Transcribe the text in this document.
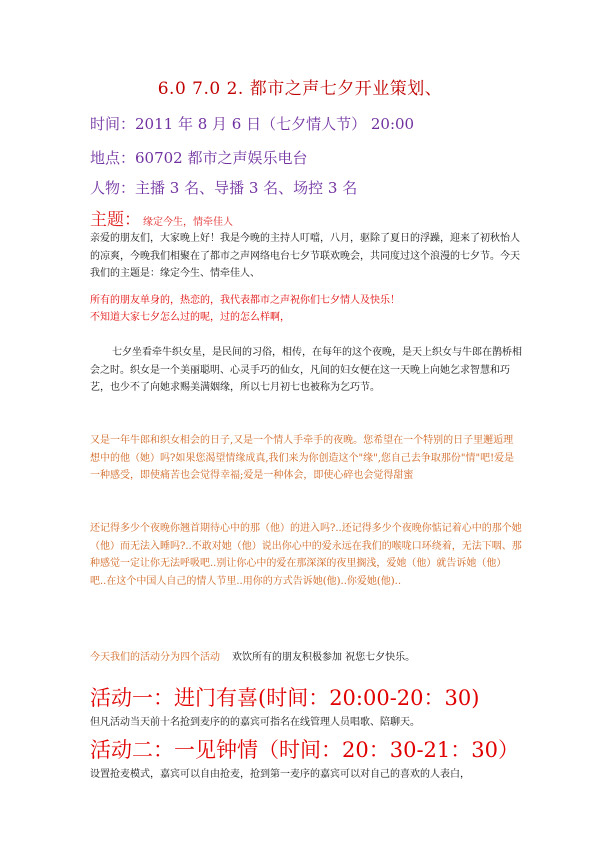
6.0 7.0 2. 都市之声七夕开业策划、
时间：2011 年 8 月 6 日（七夕情人节） 20:00
地点：60702 都市之声娱乐电台
人物：主播 3 名、导播 3 名、场控 3 名
主题： 缘定今生，情牵佳人
亲爱的朋友们，大家晚上好！我是今晚的主持人叮噹，八月，驱除了夏日的浮躁，迎来了初秋怡人的凉爽，今晚我们相聚在了都市之声网络电台七夕节联欢晚会，共同度过这个浪漫的七夕节。今天我们的主题是：缘定今生、情牵佳人、
所有的朋友单身的，热恋的，我代表都市之声祝你们七夕情人及快乐！
不知道大家七夕怎么过的呢，过的怎么样啊，
七夕坐看牵牛织女星，是民间的习俗，相传，在每年的这个夜晚，是天上织女与牛郎在鹊桥相会之时。织女是一个美丽聪明、心灵手巧的仙女，凡间的妇女便在这一天晚上向她乞求智慧和巧艺，也少不了向她求赐美满姻缘，所以七月初七也被称为乞巧节。
又是一年牛郎和织女相会的日子,又是一个情人手牵手的夜晚。您希望在一个特别的日子里邂逅理想中的他（她）吗?如果您渴望情缘成真,我们来为你创造这个"缘",您自己去争取那份"情"吧!爱是一种感受，即使痛苦也会觉得幸福;爱是一种体会，即使心碎也会觉得甜蜜
还记得多少个夜晚你翘首期待心中的那（他）的进入吗?..还记得多少个夜晚你惦记着心中的那个她（他）而无法入睡吗?..不敢对她（他）说出你心中的爱永远在我们的喉咙口环绕着，无法下咽、那种感觉一定让你无法呼吸吧..别让你心中的爱在那深深的夜里搁浅，爱她（他）就告诉她（他）吧..在这个中国人自己的情人节里..用你的方式告诉她(他)..你爱她(他)..
今天我们的活动分为四个活动 欢饮所有的朋友积极参加 祝您七夕快乐。
活动一：进门有喜(时间：20:00-20：30)
但凡活动当天前十名抢到麦序的的嘉宾可指名在线管理人员唱歌、陪聊天。
活动二：一见钟情（时间：20：30-21：30）
设置抢麦模式，嘉宾可以自由抢麦，抢到第一麦序的嘉宾可以对自己的喜欢的人表白，
